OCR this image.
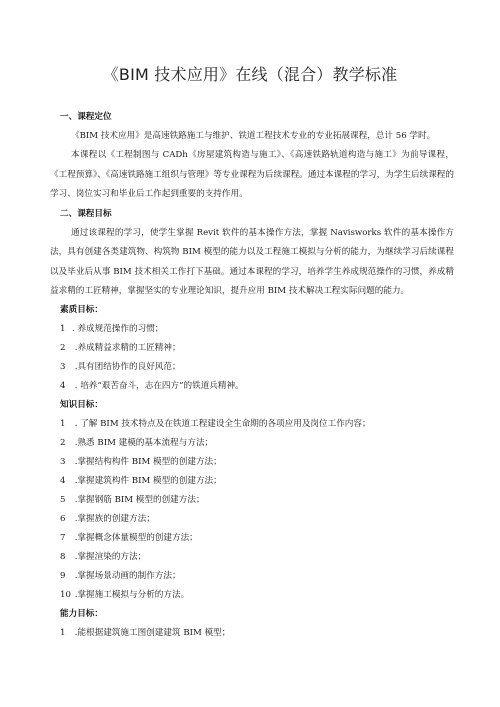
《BIM 技术应用》在线（混合）教学标准
一、课程定位

《BIM 技术应用》是高速铁路施工与维护、铁道工程技术专业的专业拓展课程，总计 56 学时。

本课程以《工程制图与 CADh《房屋建筑构造与施工》、《高速铁路轨道构造与施工》为前导课程，《工程预算》、《高速铁路施工组织与管理》等专业课程为后续课程。通过本课程的学习，为学生后续课程的学习、岗位实习和毕业后工作起到重要的支持作用。

二、课程目标

通过该课程的学习，使学生掌握 Revit 软件的基本操作方法，掌握 Navisworks 软件的基本操作方法，具有创建各类建筑物、构筑物 BIM 模型的能力以及工程施工模拟与分析的能力，为继续学习后续课程以及毕业后从事 BIM 技术相关工作打下基础。通过本课程的学习，培养学生养成规范操作的习惯，养成精益求精的工匠精神，掌握坚实的专业理论知识，提升应用 BIM 技术解决工程实际问题的能力。

素质目标：
1 . 养成规范操作的习惯；
2 .养成精益求精的工匠精神；
3 .具有团结协作的良好风范；
4 . 培养“艰苦奋斗，志在四方”的铁道兵精神。
知识目标：
1 . 了解 BIM 技术特点及在铁道工程建设全生命期的各项应用及岗位工作内容；
2 .熟悉 BIM 建模的基本流程与方法；
3 .掌握结构构件 BIM 模型的创建方法；
4 .掌握建筑构件 BIM 模型的创建方法；
5 .掌握钢筋 BIM 模型的创建方法；
6 .掌握族的创建方法；
7 .掌握概念体量模型的创建方法；
8 .掌握渲染的方法；
9 .掌握场景动画的制作方法；
10 .掌握施工模拟与分析的方法。
能力目标：
1 .能根据建筑施工图创建建筑 BIM 模型；
